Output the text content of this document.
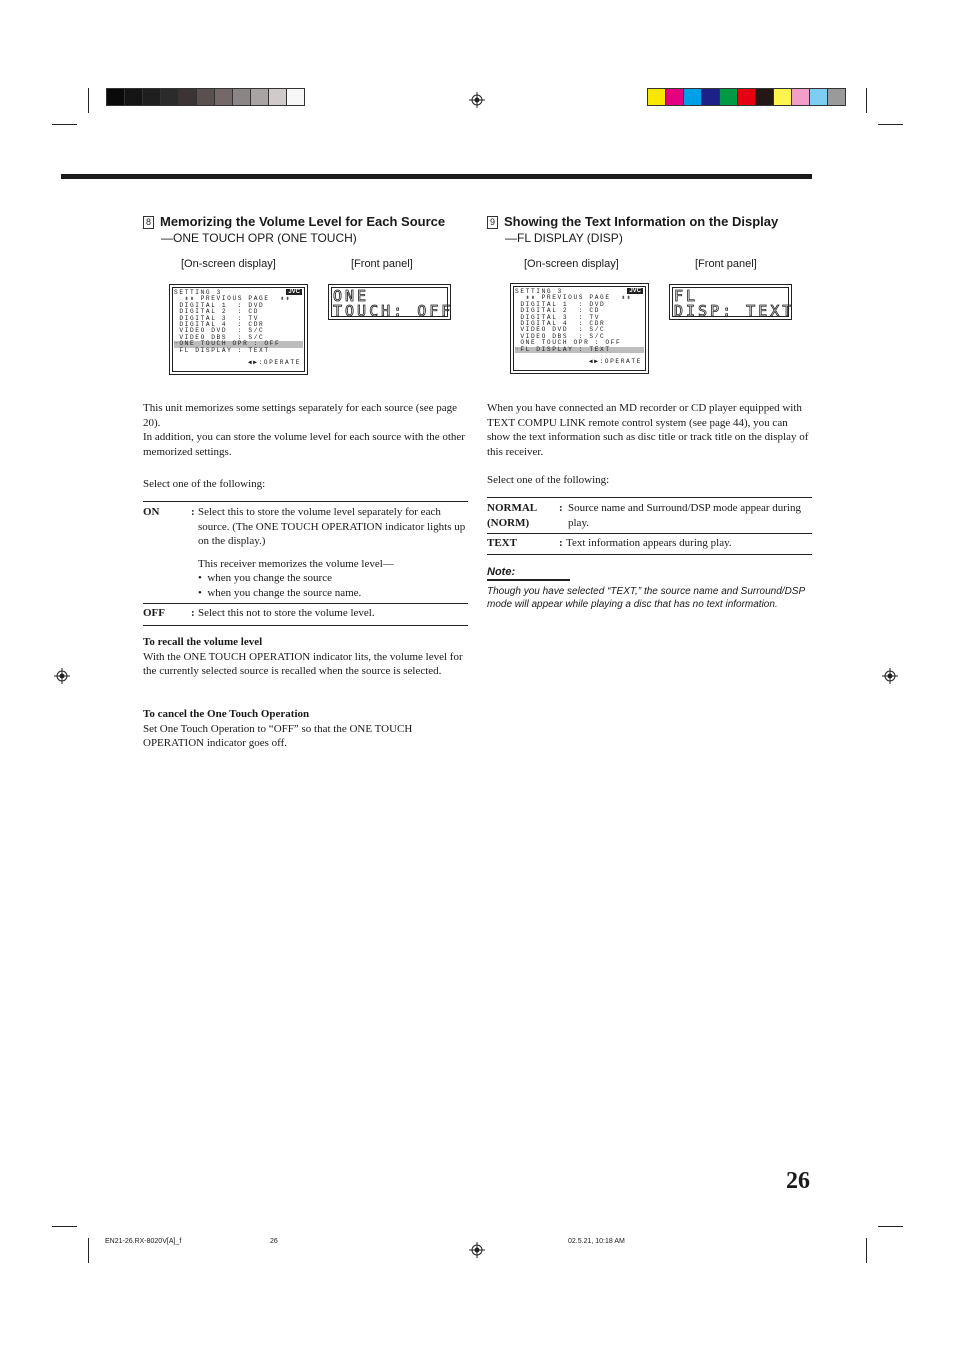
8 Memorizing the Volume Level for Each Source
—ONE TOUCH OPR (ONE TOUCH)
[On-screen display]	[Front panel]
JVC
SETTING 3
⇞⇟ PREVIOUS PAGE  ⇞⇟
DIGITAL 1  : DVD
DIGITAL 2  : CD
DIGITAL 3  : TV
DIGITAL 4  : CDR
VIDEO DVD  : S/C
VIDEO DBS  : S/C
☞ONE TOUCH OPR : OFF
FL DISPLAY : TEXT
◀▶:OPERATE
ONE
TOUCH: OFF

This unit memorizes some settings separately for each source (see page 20).

In addition, you can store the volume level for each source with the other memorized settings.

Select one of the following:
ON	:	Select this to store the volume level separately for each source. (The ONE TOUCH OPERATION indicator lights up on the display.)
This receiver memorizes the volume level—
•  when you change the source
•  when you change the source name.

OFF	:	Select this not to store the volume level.

To recall the volume level

With the ONE TOUCH OPERATION indicator lits, the volume level for the currently selected source is recalled when the source is selected.

To cancel the One Touch Operation

Set One Touch Operation to “OFF” so that the ONE TOUCH OPERATION indicator goes off.

9 Showing the Text Information on the Display
—FL DISPLAY (DISP)
[On-screen display]	[Front panel]
JVC
SETTING 3
⇞⇟ PREVIOUS PAGE  ⇞⇟
DIGITAL 1  : DVD
DIGITAL 2  : CD
DIGITAL 3  : TV
DIGITAL 4  : CDR
VIDEO DVD  : S/C
VIDEO DBS  : S/C
ONE TOUCH OPR : OFF
☞FL DISPLAY : TEXT
◀▶:OPERATE
FL
DISP: TEXT
When you have connected an MD recorder or CD player equipped with TEXT COMPU LINK remote control system (see page 44), you can show the text information such as disc title or track title on the display of this receiver.
Select one of the following:
NORMAL (NORM)	:	Source name and Surround/DSP mode appear during play.
TEXT	:	Text information appears during play.
Note:
Though you have selected “TEXT,” the source name and Surround/DSP mode will appear while playing a disc that has no text information.
26
EN21-26.RX-8020V[A]_f	26	02.5.21, 10:18 AM
